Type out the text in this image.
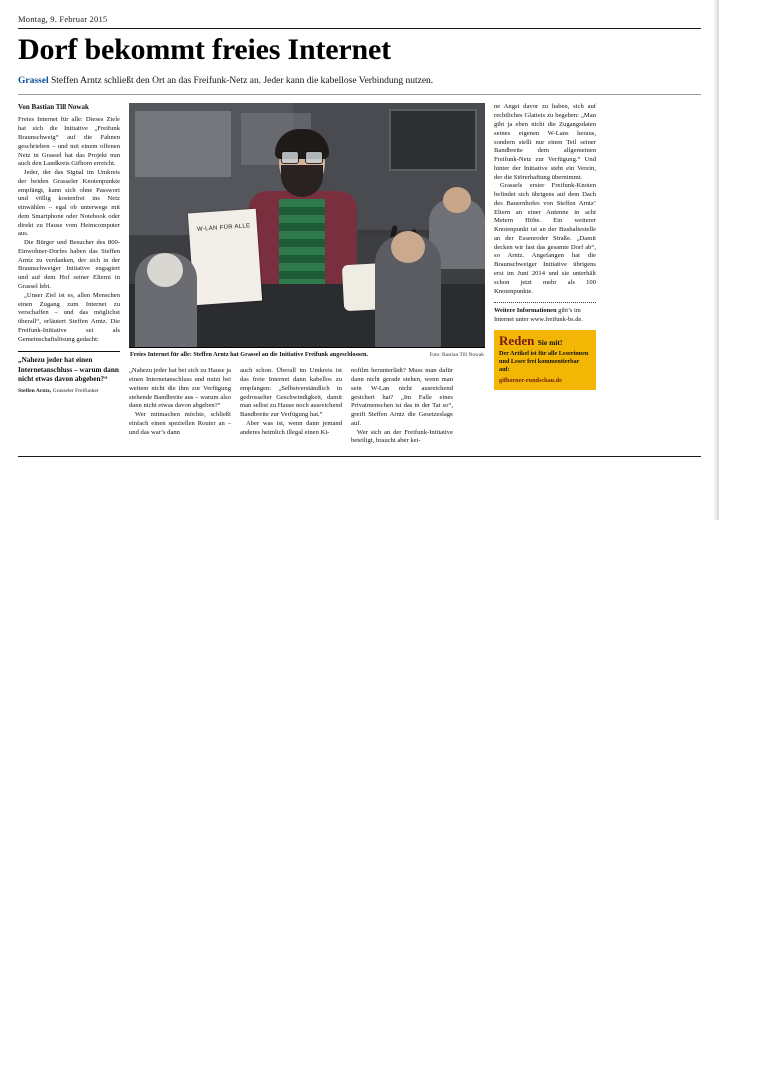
Montag, 9. Februar 2015
Dorf bekommt freies Internet
Grassel Steffen Arntz schließt den Ort an das Freifunk-Netz an. Jeder kann die kabellose Verbindung nutzen.
Von Bastian Till Nowak

Freies Internet für alle: Dieses Ziele hat sich die Initiative „Freifunk Braunschweig“ auf die Fahnen geschrieben – und mit einem offenen Netz in Grassel hat das Projekt nun auch den Landkreis Gifhorn erreicht.

Jeder, der das Signal im Umkreis der beiden Grasseler Knotenpunkte empfängt, kann sich ohne Passwort und völlig kostenfrei ins Netz einwählen – egal ob unterwegs mit dem Smartphone oder Notebook oder direkt zu Hause vom Heimcomputer aus.

Die Bürger und Besucher des 800-Einwohner-Dorfes haben das Steffen Arntz zu verdanken, der sich in der Braunschweiger Initiative engagiert und auf dem Hof seiner Elterni in Grassel lebt.

„Unser Ziel ist es, allen Menschen einen Zugang zum Internet zu verschaffen – und das möglichst überall“, erläutert Steffen Arntz. Die Freifunk-Initiative sei als Gemeinschaftslösung gedacht:

„Nahezu jeder hat einen Internetanschluss – warum dann nicht etwas davon abgeben?“
Steffen Arntz, Grasseler Freifunker
W-LAN FÜR ALLE
Freies Internet für alle: Steffen Arntz hat Grassel an die Initiative Freifunk angeschlossen.	Foto: Bastian Till Nowak

„Nahezu jeder hat bei sich zu Hause ja einen Internetanschluss und nutzt bei weitem nicht die ihm zur Verfügung stehende Bandbreite aus – warum also dann nicht etwas davon abgeben?“

Wer mitmachen möchte, schließt einfach einen speziellen Router an – und das war’s dann

auch schon. Überall im Umkreis ist das freie Internet dann kabellos zu empfangen: „Selbstverständlich in gedrosselter Geschwindigkeit, damit man selbst zu Hause noch ausreichend Bandbreite zur Verfügung hat.“

Aber was ist, wenn dann jemand anderes heimlich illegal einen Ki-

nofilm herunterlädt? Muss man dafür dann nicht gerade stehen, wenn man sein W-Lan nicht ausreichend gesichert hat? „Im Falle eines Privatmenschen ist das in der Tat so“, greift Steffen Arntz die Gesetzeslage auf.

Wer sich an der Freifunk-Initiative beteiligt, braucht aber kei-

ne Angst davor zu haben, sich auf rechtliches Glatteis zu begeben: „Man gibt ja eben nicht die Zugangsdaten seines eigenen W-Lans heraus, sondern stellt nur einen Teil seiner Bandbreite dem allgemeinen Freifunk-Netz zur Verfügung.“ Und hinter der Initiative steht ein Verein, der die Störerhaftung übernimmt.

Grassels erster Freifunk-Knoten befindet sich übrigens auf dem Dach des Bauernhofes von Steffen Arntz’ Eltern an einer Antenne in acht Metern Höhe. Ein weiterer Knotenpunkt ist an der Bushaltestelle an der Essenroder Straße. „Damit decken wir fast das gesamte Dorf ab“, so Arntz. Angefangen hat die Braunschweiger Initiative übrigens erst im Juni 2014 und sie unterhält schon jetzt mehr als 100 Knotenpunkte.

Weitere Informationen gibt’s im Internet unter www.freifunk-bs.de.
Reden Sie mit!
Der Artikel ist für alle Leserinnen und Leser frei kommentierbar auf:
gifhorner-rundschau.de
